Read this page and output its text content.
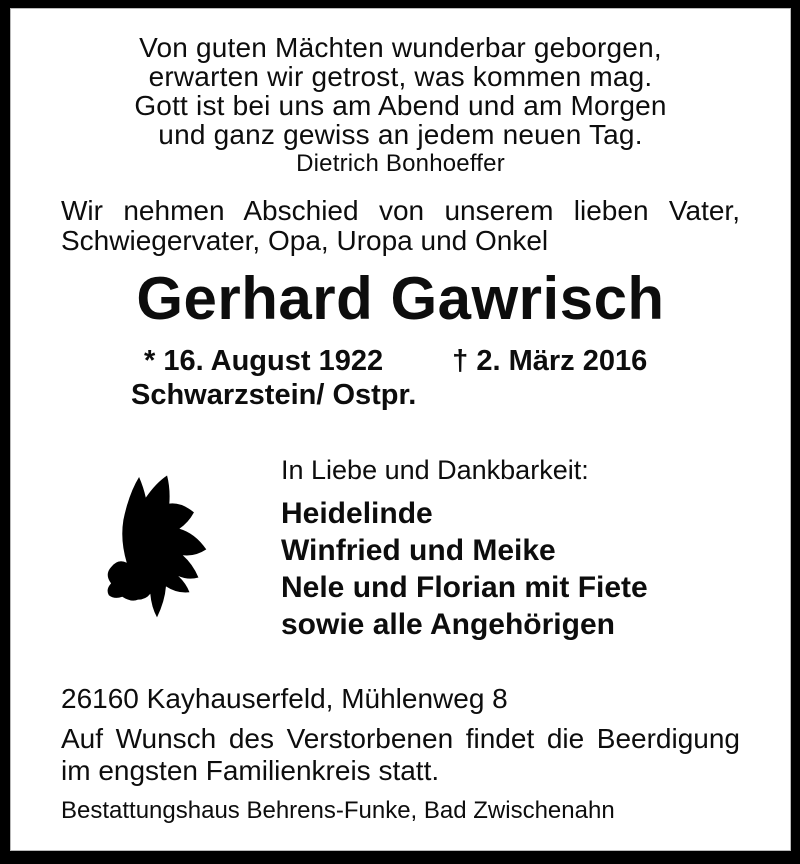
Von guten Mächten wunderbar geborgen,
erwarten wir getrost, was kommen mag.
Gott ist bei uns am Abend und am Morgen
und ganz gewiss an jedem neuen Tag.
Dietrich Bonhoeffer
Wir nehmen Abschied von unserem lieben Vater,
Schwiegervater, Opa, Uropa und Onkel
Gerhard Gawrisch
* 16. August 1922 † 2. März 2016
Schwarzstein/ Ostpr.
In Liebe und Dankbarkeit:
Heidelinde
Winfried und Meike
Nele und Florian mit Fiete
sowie alle Angehörigen
26160 Kayhauserfeld, Mühlenweg 8
Auf Wunsch des Verstorbenen findet die Beerdigung
im engsten Familienkreis statt.
Bestattungshaus Behrens-Funke, Bad Zwischenahn
